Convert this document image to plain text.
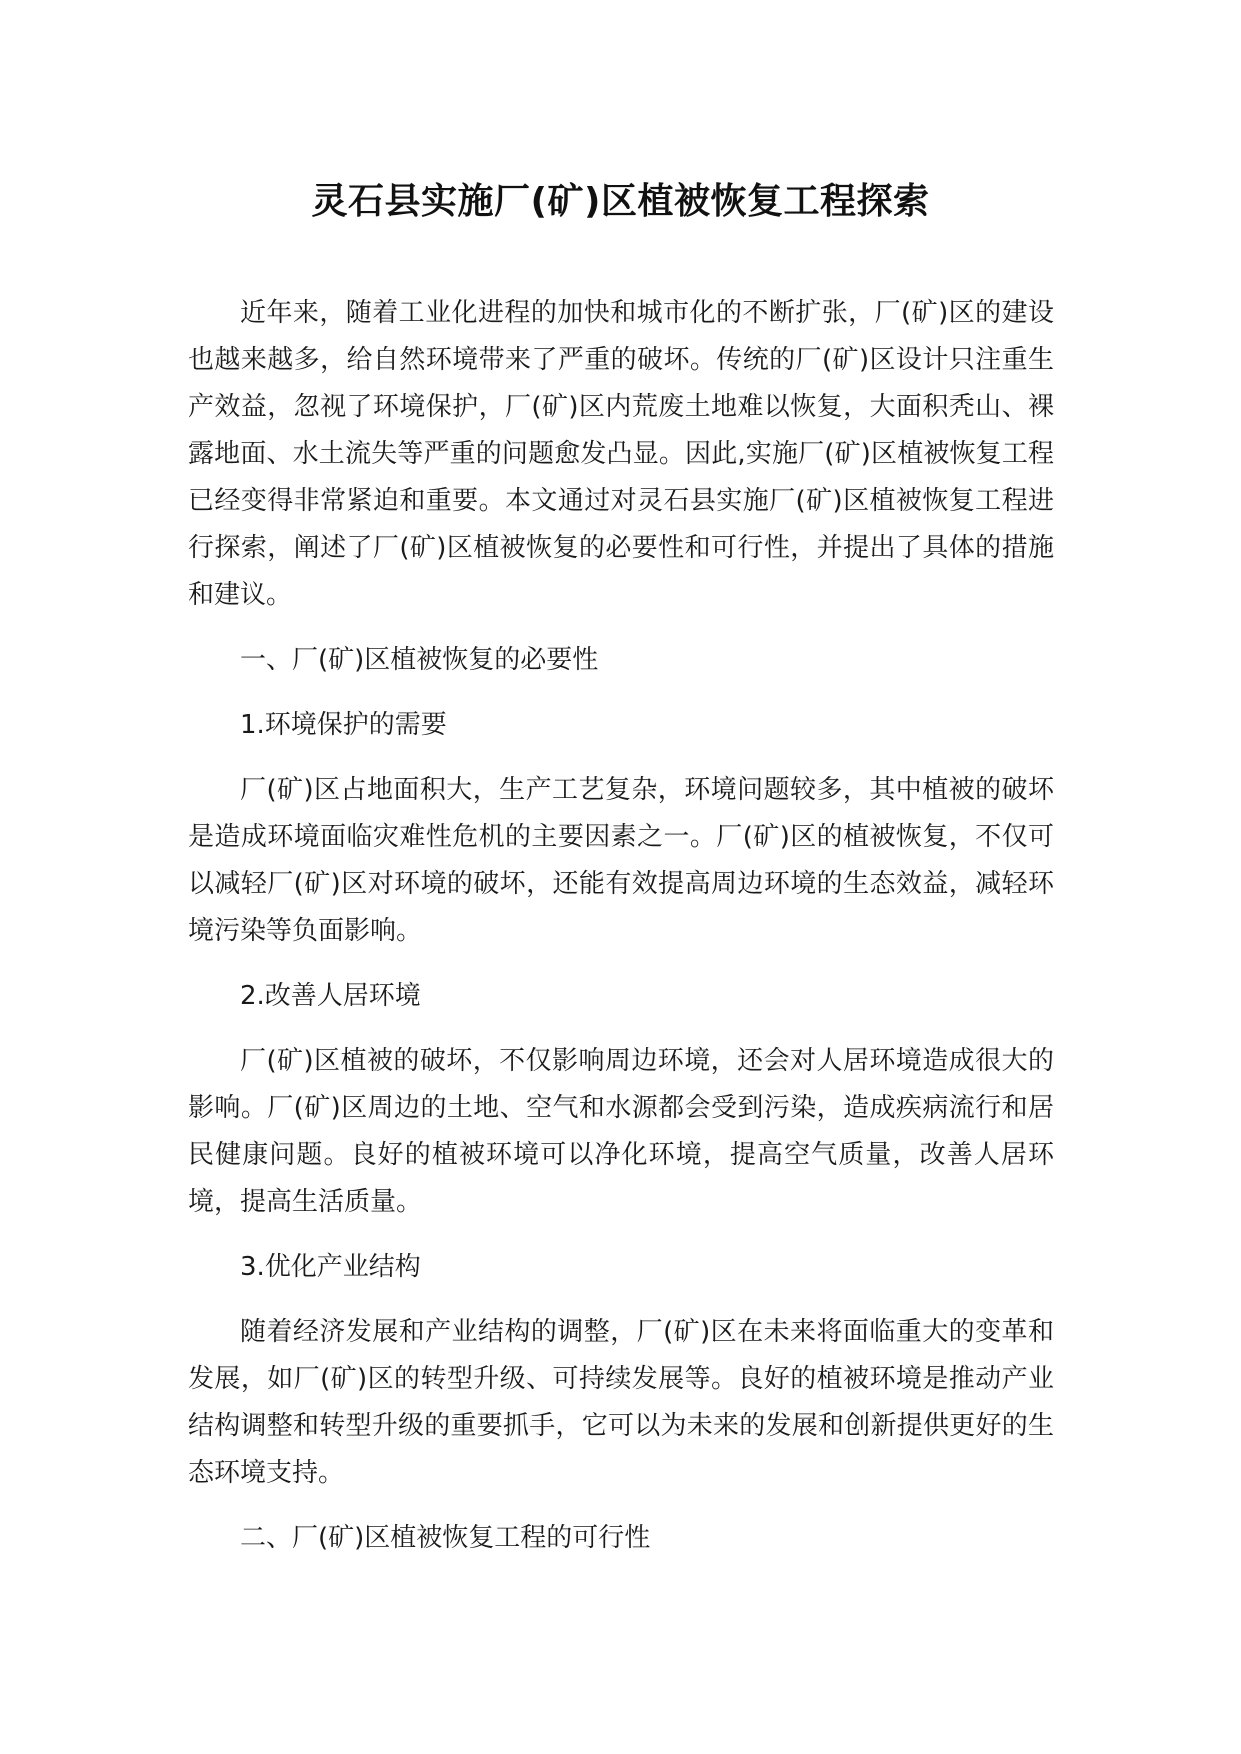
灵石县实施厂(矿)区植被恢复工程探索

近年来，随着工业化进程的加快和城市化的不断扩张，厂(矿)区的建设也越来越多，给自然环境带来了严重的破坏。传统的厂(矿)区设计只注重生产效益，忽视了环境保护，厂(矿)区内荒废土地难以恢复，大面积秃山、裸露地面、水土流失等严重的问题愈发凸显。因此,实施厂(矿)区植被恢复工程已经变得非常紧迫和重要。本文通过对灵石县实施厂(矿)区植被恢复工程进行探索，阐述了厂(矿)区植被恢复的必要性和可行性，并提出了具体的措施和建议。

一、厂(矿)区植被恢复的必要性

1.环境保护的需要

厂(矿)区占地面积大，生产工艺复杂，环境问题较多，其中植被的破坏是造成环境面临灾难性危机的主要因素之一。厂(矿)区的植被恢复，不仅可以减轻厂(矿)区对环境的破坏，还能有效提高周边环境的生态效益，减轻环境污染等负面影响。

2.改善人居环境

厂(矿)区植被的破坏，不仅影响周边环境，还会对人居环境造成很大的影响。厂(矿)区周边的土地、空气和水源都会受到污染，造成疾病流行和居民健康问题。良好的植被环境可以净化环境，提高空气质量，改善人居环境，提高生活质量。

3.优化产业结构

随着经济发展和产业结构的调整，厂(矿)区在未来将面临重大的变革和发展，如厂(矿)区的转型升级、可持续发展等。良好的植被环境是推动产业结构调整和转型升级的重要抓手，它可以为未来的发展和创新提供更好的生态环境支持。

二、厂(矿)区植被恢复工程的可行性
